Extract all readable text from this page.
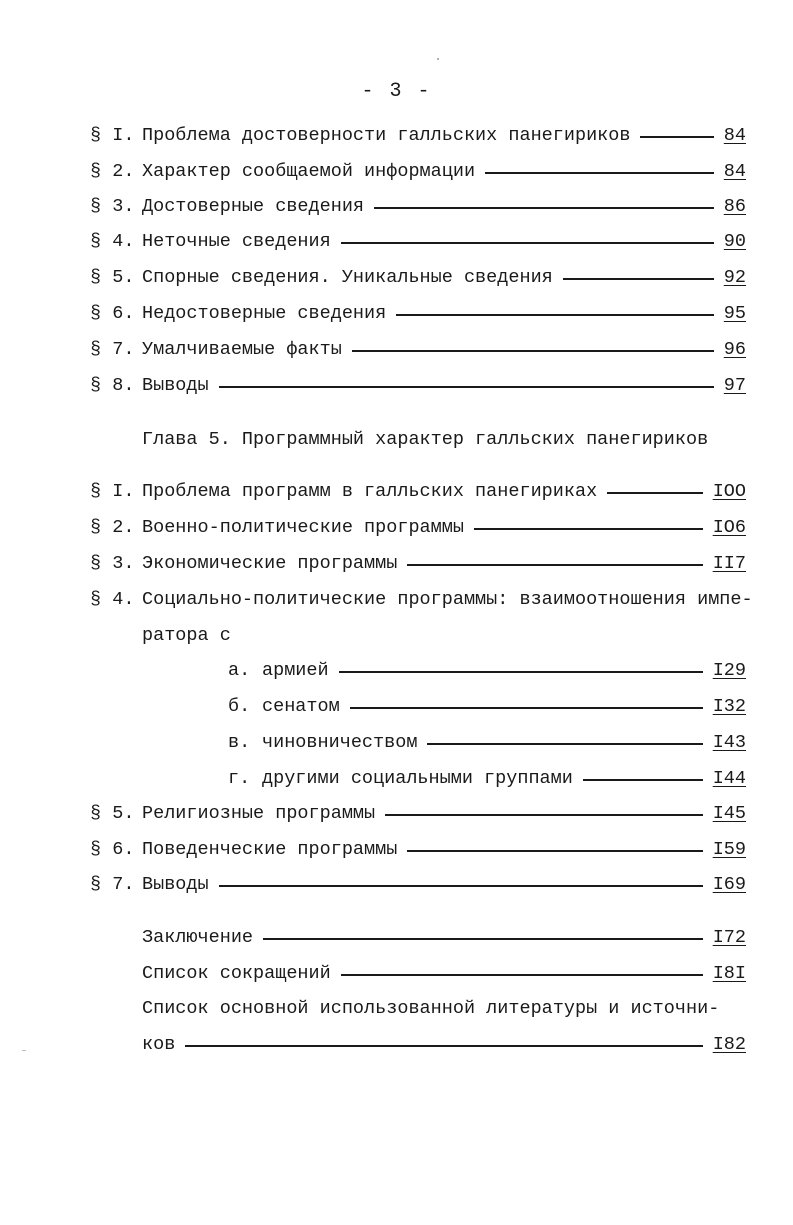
- 3 -
§ I. Проблема достоверности галльских панегириков	84
§ 2. Характер сообщаемой информации	84
§ 3. Достоверные сведения	86
§ 4. Неточные сведения	90
§ 5. Спорные сведения. Уникальные сведения	92
§ 6. Недостоверные сведения	95
§ 7. Умалчиваемые факты	96
§ 8. Выводы	97
Глава 5. Программный характер галльских панегириков
§ I. Проблема программ в галльских панегириках	IOO
§ 2. Военно-политические программы	IO6
§ 3. Экономические программы	II7
§ 4. Социально-политические программы: взаимоотношения импе-
ратора с
а. армией	I29
б. сенатом	I32
в. чиновничеством	I43
г. другими социальными группами	I44
§ 5. Религиозные программы	I45
§ 6. Поведенческие программы	I59
§ 7. Выводы	I69
Заключение	I72
Список сокращений	I8I
Список основной использованной литературы и источни-
ков	I82
